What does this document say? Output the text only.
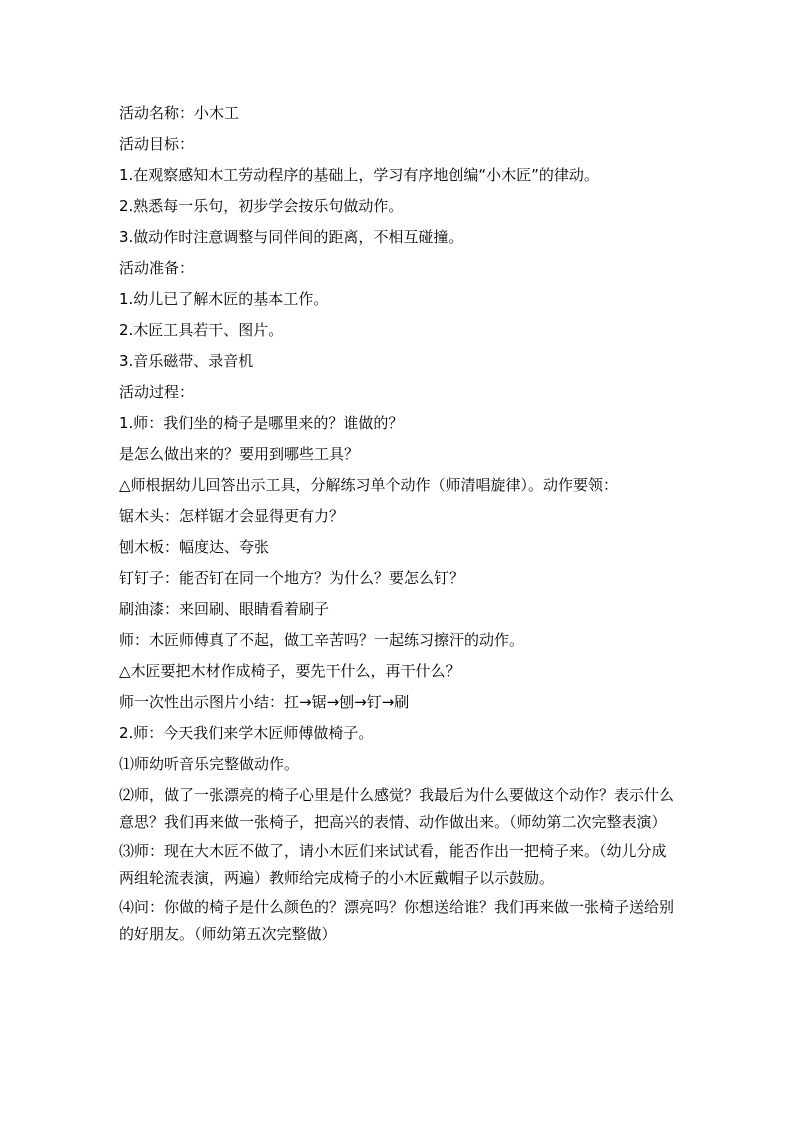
活动名称：小木工

活动目标：

1.在观察感知木工劳动程序的基础上，学习有序地创编“小木匠”的律动。

2.熟悉每一乐句，初步学会按乐句做动作。

3.做动作时注意调整与同伴间的距离，不相互碰撞。

活动准备：

1.幼儿已了解木匠的基本工作。

2.木匠工具若干、图片。

3.音乐磁带、录音机

活动过程：

1.师：我们坐的椅子是哪里来的？谁做的？

是怎么做出来的？要用到哪些工具？

△师根据幼儿回答出示工具，分解练习单个动作（师清唱旋律）。动作要领：

锯木头：怎样锯才会显得更有力？

刨木板：幅度达、夸张

钉钉子：能否钉在同一个地方？为什么？要怎么钉？

刷油漆：来回刷、眼睛看着刷子

师：木匠师傅真了不起，做工辛苦吗？一起练习擦汗的动作。

△木匠要把木材作成椅子，要先干什么，再干什么？

师一次性出示图片小结：扛→锯→刨→钉→刷

2.师：今天我们来学木匠师傅做椅子。

⑴师幼听音乐完整做动作。

⑵师，做了一张漂亮的椅子心里是什么感觉？我最后为什么要做这个动作？表示什么意思？我们再来做一张椅子，把高兴的表情、动作做出来。（师幼第二次完整表演）

⑶师：现在大木匠不做了，请小木匠们来试试看，能否作出一把椅子来。（幼儿分成两组轮流表演，两遍）教师给完成椅子的小木匠戴帽子以示鼓励。

⑷问：你做的椅子是什么颜色的？漂亮吗？你想送给谁？我们再来做一张椅子送给别的好朋友。（师幼第五次完整做）
